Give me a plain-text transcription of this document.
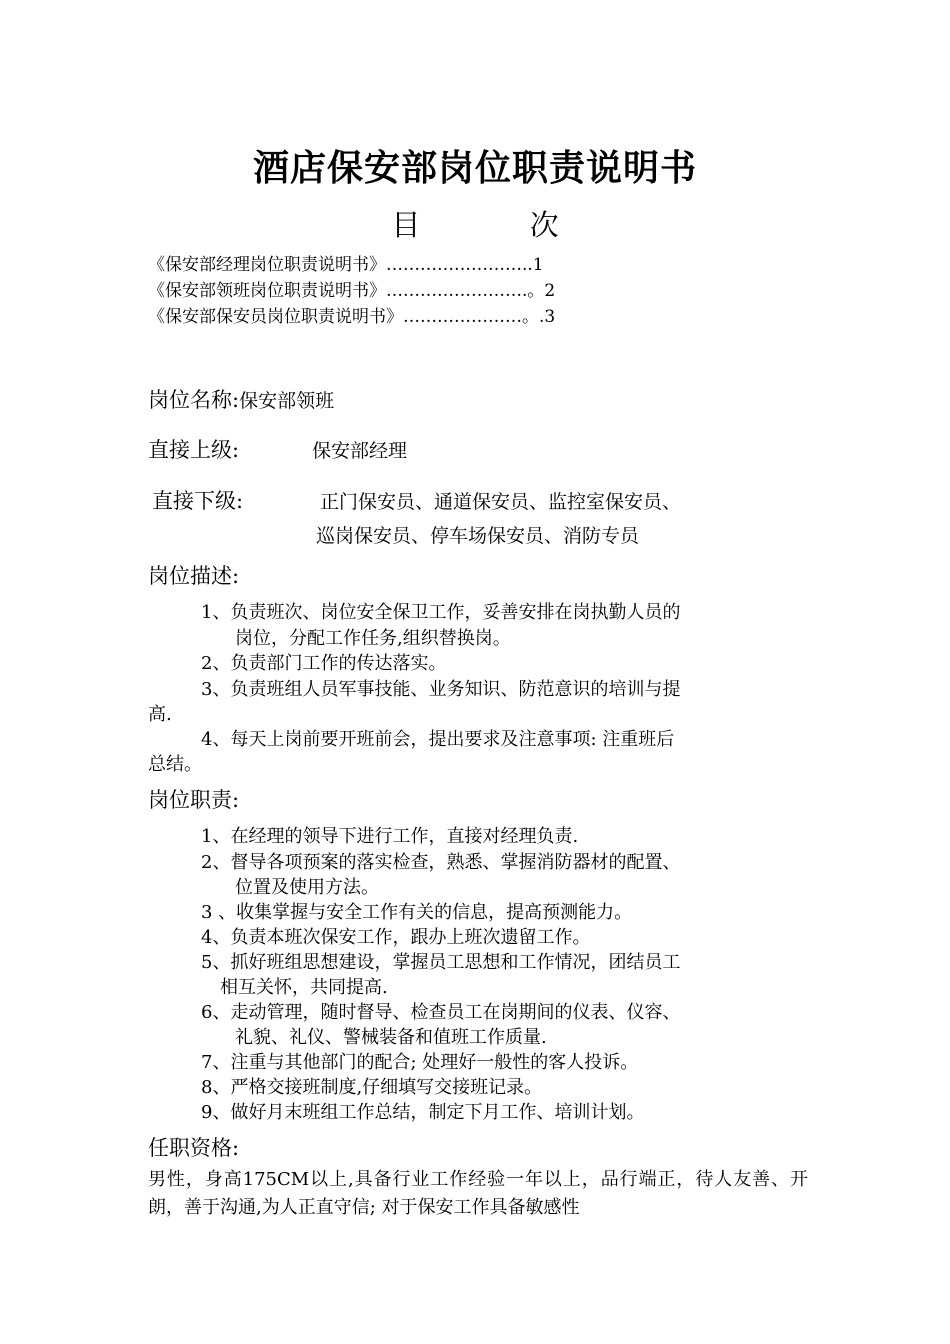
酒店保安部岗位职责说明书
目 次
《保安部经理岗位职责说明书》……………………..1
《保安部领班岗位职责说明书》…………………….。2
《保安部保安员岗位职责说明书》…………………。.3
岗位名称:保安部领班
直接上级:	保安部经理
直接下级:	正门保安员、通道保安员、监控室保安员、
巡岗保安员、停车场保安员、消防专员
岗位描述:
1、负责班次、岗位安全保卫工作，妥善安排在岗执勤人员的
岗位，分配工作任务,组织替换岗。
2、负责部门工作的传达落实。
3、负责班组人员军事技能、业务知识、防范意识的培训与提
高.
4、每天上岗前要开班前会，提出要求及注意事项: 注重班后
总结。
岗位职责:
1、在经理的领导下进行工作，直接对经理负责.
2、督导各项预案的落实检查，熟悉、掌握消防器材的配置、
位置及使用方法。
3 、收集掌握与安全工作有关的信息，提高预测能力。
4、负责本班次保安工作，跟办上班次遗留工作。
5、抓好班组思想建设，掌握员工思想和工作情况，团结员工
相互关怀，共同提高.
6、走动管理，随时督导、检查员工在岗期间的仪表、仪容、
礼貌、礼仪、警械装备和值班工作质量.
7、注重与其他部门的配合; 处理好一般性的客人投诉。
8、严格交接班制度,仔细填写交接班记录。
9、做好月末班组工作总结，制定下月工作、培训计划。
任职资格:
男性，身高175CM以上,具备行业工作经验一年以上，品行端正，待人友善、开朗，善于沟通,为人正直守信; 对于保安工作具备敏感性
